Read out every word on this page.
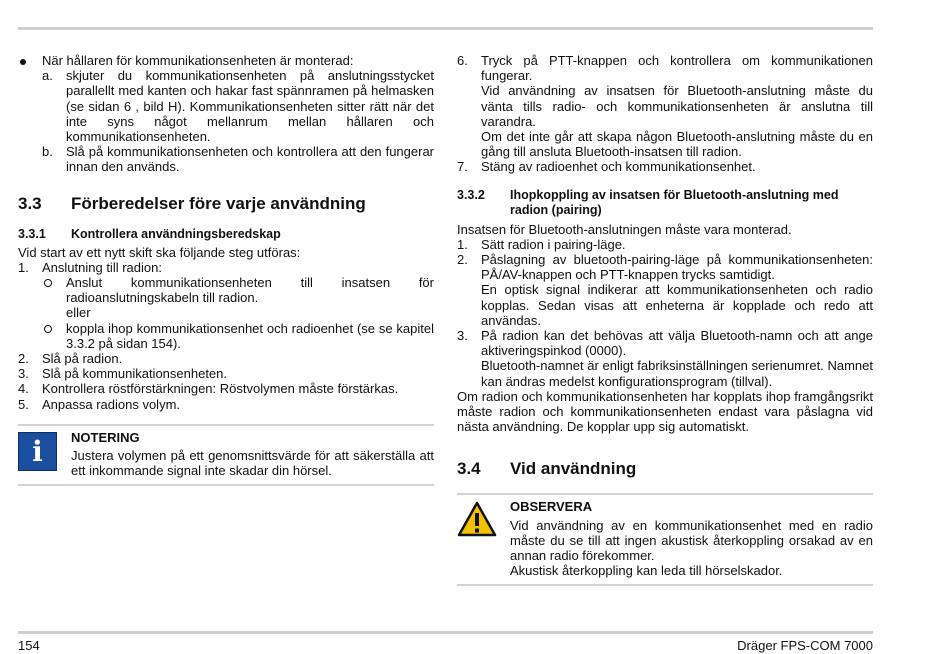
När hållaren för kommunikationsenheten är monterad:
a.	skjuter du kommunikationsenheten på anslutningsstycket parallellt med kanten och hakar fast spännramen på helmasken (se sidan 6 , bild H). Kommunikationsenheten sitter rätt när det inte syns något mellanrum mellan hållaren och kommunikationsenheten.
b.	Slå på kommunikationsenheten och kontrollera att den fungerar innan den används.
3.3	Förberedelser före varje användning
3.3.1	Kontrollera användningsberedskap
Vid start av ett nytt skift ska följande steg utföras:
1.	Anslutning till radion:
Anslut kommunikationsenheten till insatsen för radioanslutningskabeln till radion.
eller
koppla ihop kommunikationsenhet och radioenhet (se se kapitel 3.3.2 på sidan 154).
2.	Slå på radion.
3.	Slå på kommunikationsenheten.
4.	Kontrollera röstförstärkningen: Röstvolymen måste förstärkas.
5.	Anpassa radions volym.
i	NOTERING
Justera volymen på ett genomsnittsvärde för att säkerställa att ett inkommande signal inte skadar din hörsel.
6.	Tryck på PTT-knappen och kontrollera om kommunikationen fungerar.
Vid användning av insatsen för Bluetooth-anslutning måste du vänta tills radio- och kommunikationsenheten är anslutna till varandra.
Om det inte går att skapa någon Bluetooth-anslutning måste du en gång till ansluta Bluetooth-insatsen till radion.
7.	Stäng av radioenhet och kommunikationsenhet.
3.3.2	Ihopkoppling av insatsen för Bluetooth-anslutning med radion (pairing)
Insatsen för Bluetooth-anslutningen måste vara monterad.
1.	Sätt radion i pairing-läge.
2.	Påslagning av bluetooth-pairing-läge på kommunikationsenheten: PÅ/AV-knappen och PTT-knappen trycks samtidigt.
En optisk signal indikerar att kommunikationsenheten och radio kopplas. Sedan visas att enheterna är kopplade och redo att användas.
3.	På radion kan det behövas att välja Bluetooth-namn och att ange aktiveringspinkod (0000).
Bluetooth-namnet är enligt fabriksinställningen serienumret. Namnet kan ändras medelst konfigurationsprogram (tillval).
Om radion och kommunikationsenheten har kopplats ihop framgångsrikt måste radion och kommunikationsenheten endast vara påslagna vid nästa användning. De kopplar upp sig automatiskt.
3.4	Vid användning
OBSERVERA
Vid användning av en kommunikationsenhet med en radio måste du se till att ingen akustisk återkoppling orsakad av en annan radio förekommer.
Akustisk återkoppling kan leda till hörselskador.
154	Dräger FPS-COM 7000
